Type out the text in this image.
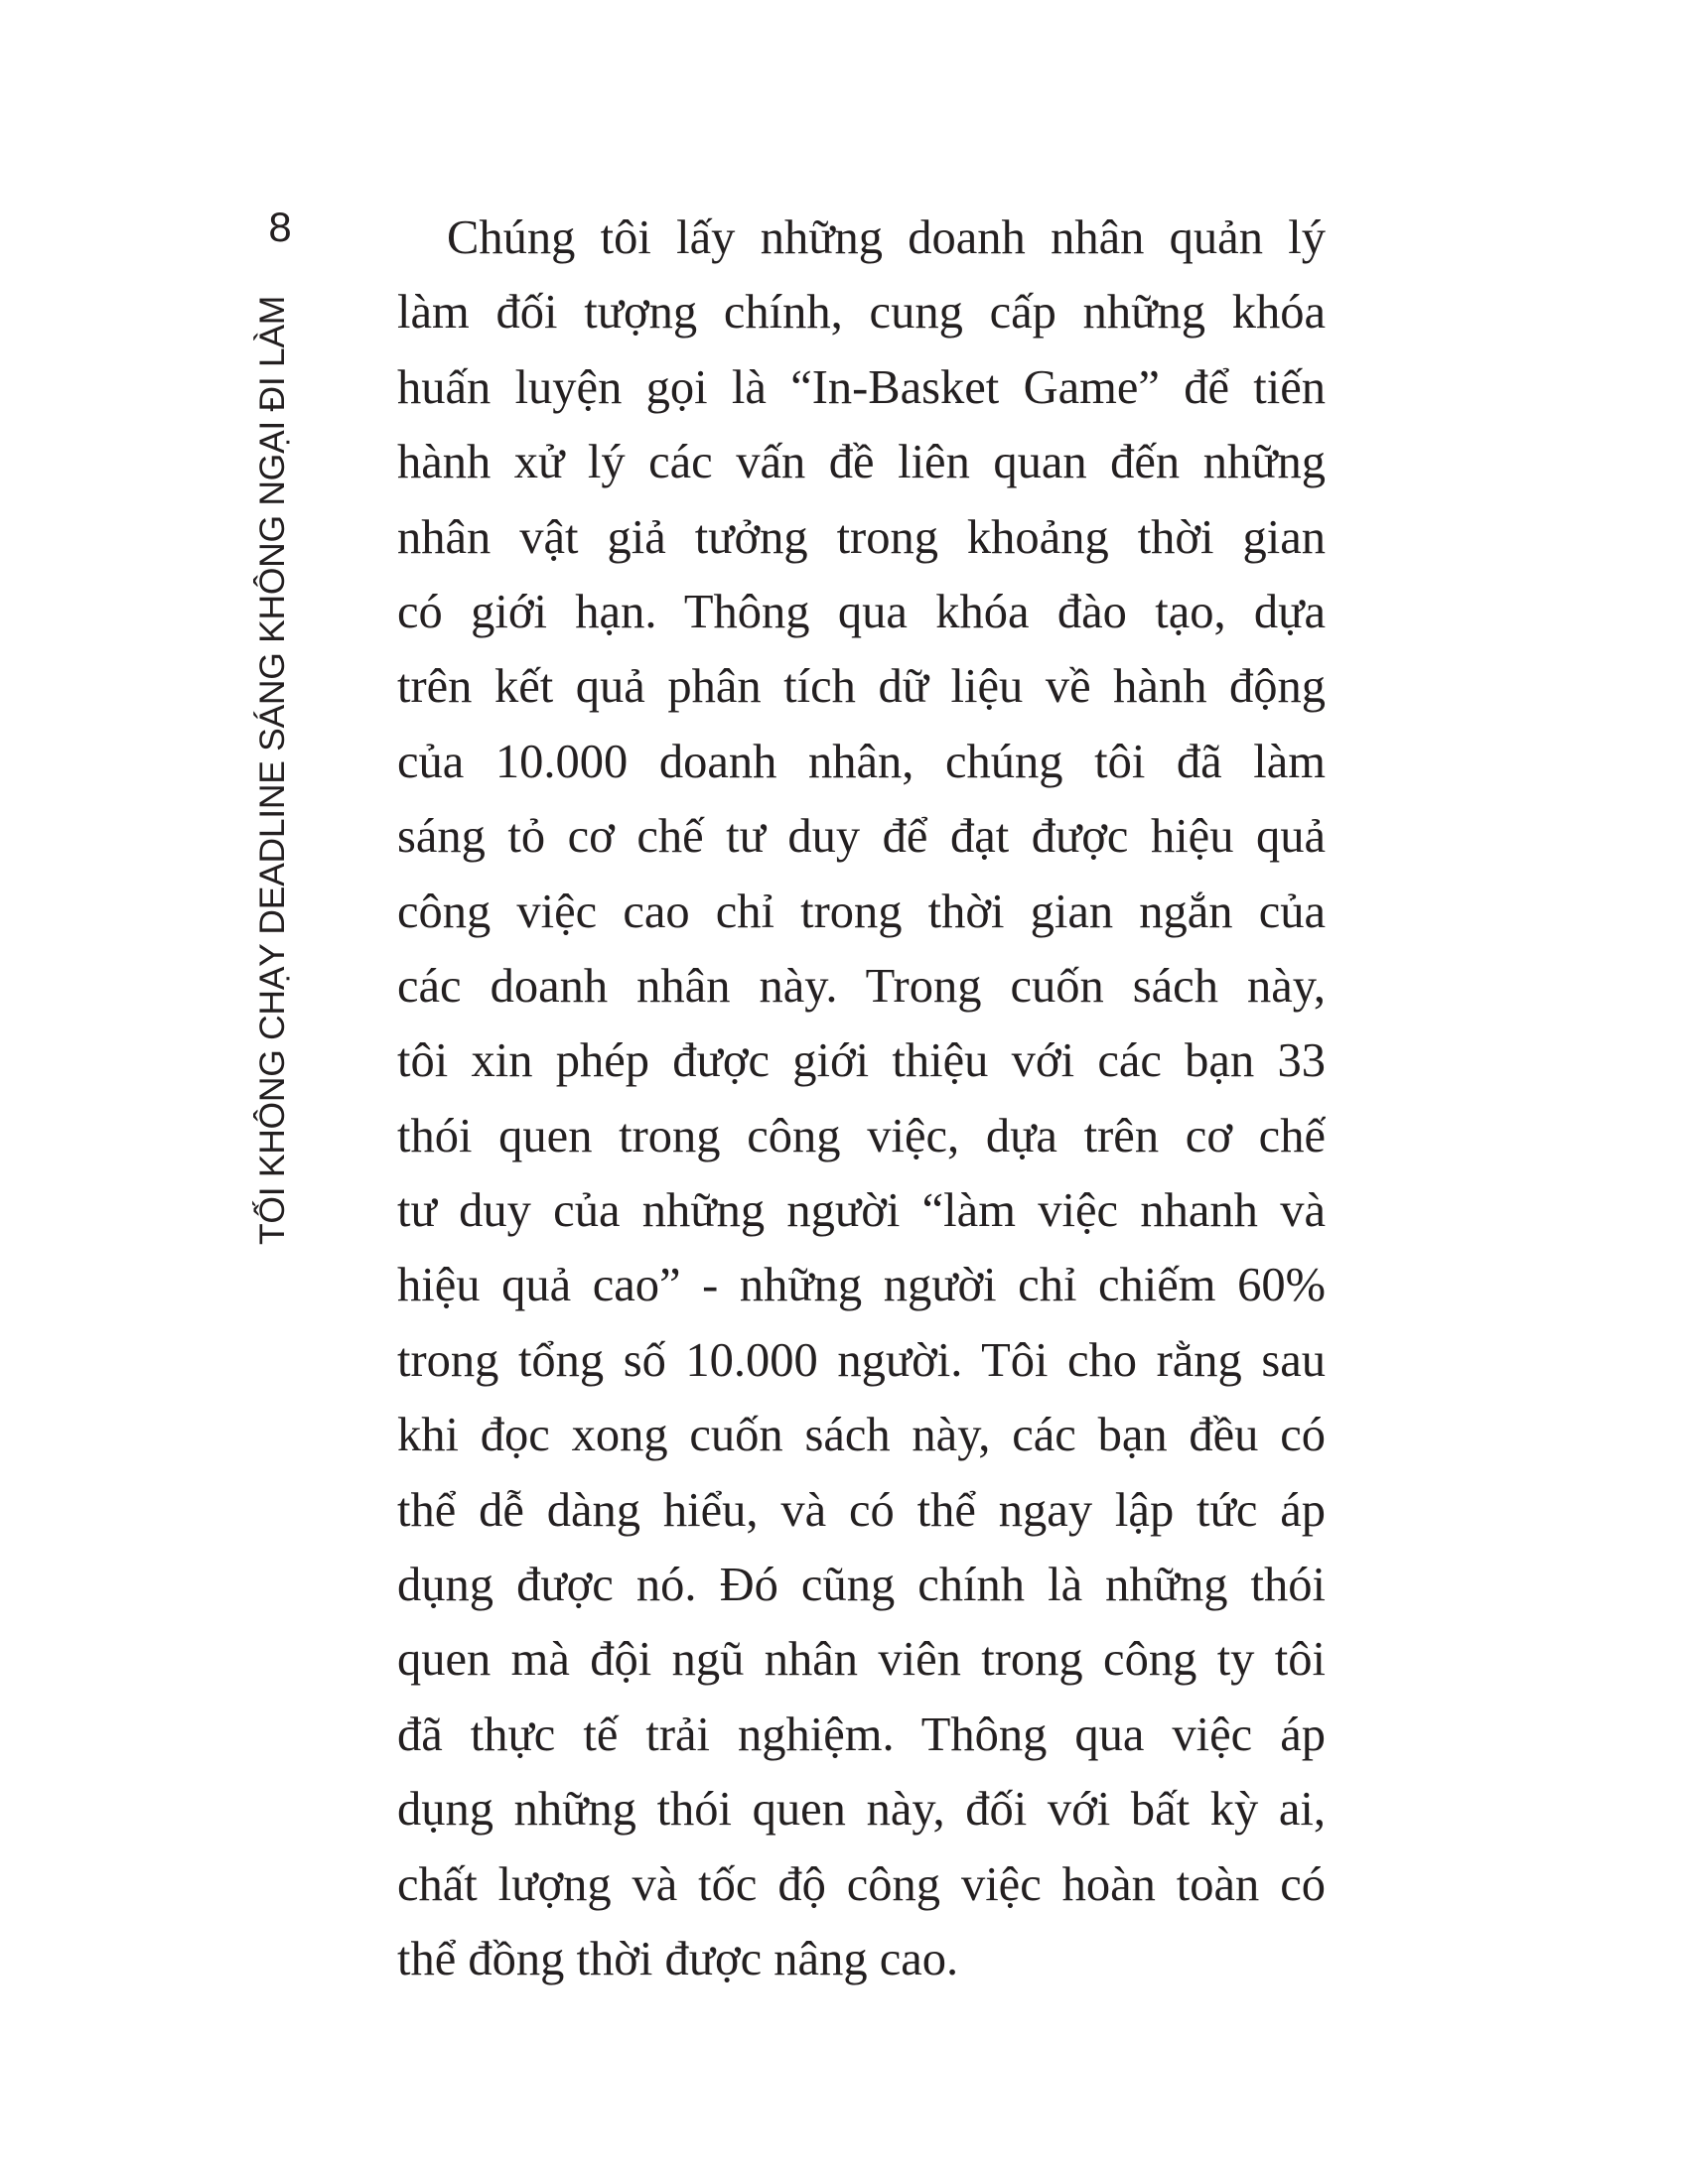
8
TỐI KHÔNG CHẠY DEADLINE SÁNG KHÔNG NGẠI ĐI LÀM
Chúng tôi lấy những doanh nhân quản lý
làm đối tượng chính, cung cấp những khóa
huấn luyện gọi là “In-Basket Game” để tiến
hành xử lý các vấn đề liên quan đến những
nhân vật giả tưởng trong khoảng thời gian
có giới hạn. Thông qua khóa đào tạo, dựa
trên kết quả phân tích dữ liệu về hành động
của 10.000 doanh nhân, chúng tôi đã làm
sáng tỏ cơ chế tư duy để đạt được hiệu quả
công việc cao chỉ trong thời gian ngắn của
các doanh nhân này. Trong cuốn sách này,
tôi xin phép được giới thiệu với các bạn 33
thói quen trong công việc, dựa trên cơ chế
tư duy của những người “làm việc nhanh và
hiệu quả cao” - những người chỉ chiếm 60%
trong tổng số 10.000 người. Tôi cho rằng sau
khi đọc xong cuốn sách này, các bạn đều có
thể dễ dàng hiểu, và có thể ngay lập tức áp
dụng được nó. Đó cũng chính là những thói
quen mà đội ngũ nhân viên trong công ty tôi
đã thực tế trải nghiệm. Thông qua việc áp
dụng những thói quen này, đối với bất kỳ ai,
chất lượng và tốc độ công việc hoàn toàn có
thể đồng thời được nâng cao.
